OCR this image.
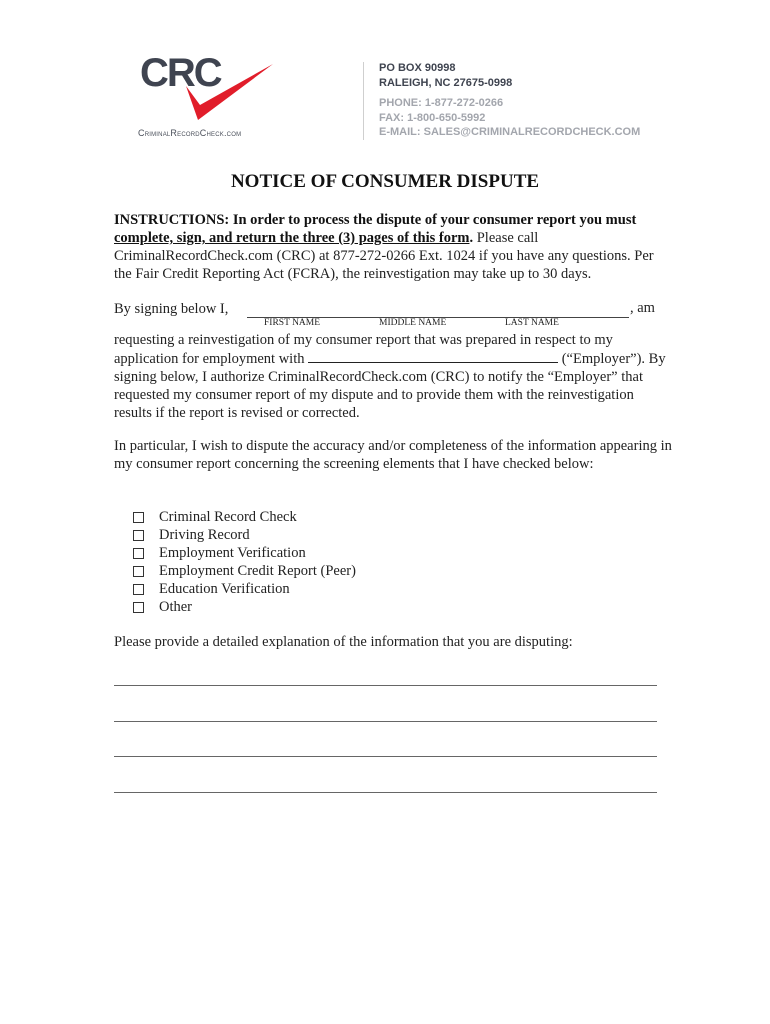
CRC
CriminalRecordCheck.com
PO BOX 90998
RALEIGH, NC 27675-0998
PHONE: 1-877-272-0266
FAX: 1-800-650-5992
E-MAIL: SALES@CRIMINALRECORDCHECK.COM
NOTICE OF CONSUMER DISPUTE
INSTRUCTIONS: In order to process the dispute of your consumer report you must complete, sign, and return the three (3) pages of this form. Please call CriminalRecordCheck.com (CRC) at 877-272-0266 Ext. 1024 if you have any questions. Per the Fair Credit Reporting Act (FCRA), the reinvestigation may take up to 30 days.
By signing below I,	, am
FIRST NAME	MIDDLE NAME	LAST NAME
requesting a reinvestigation of my consumer report that was prepared in respect to my application for employment with	(“Employer”). By signing below, I authorize CriminalRecordCheck.com (CRC) to notify the “Employer” that requested my consumer report of my dispute and to provide them with the reinvestigation results if the report is revised or corrected.
In particular, I wish to dispute the accuracy and/or completeness of the information appearing in my consumer report concerning the screening elements that I have checked below:
Criminal Record Check
Driving Record
Employment Verification
Employment Credit Report (Peer)
Education Verification
Other
Please provide a detailed explanation of the information that you are disputing:
